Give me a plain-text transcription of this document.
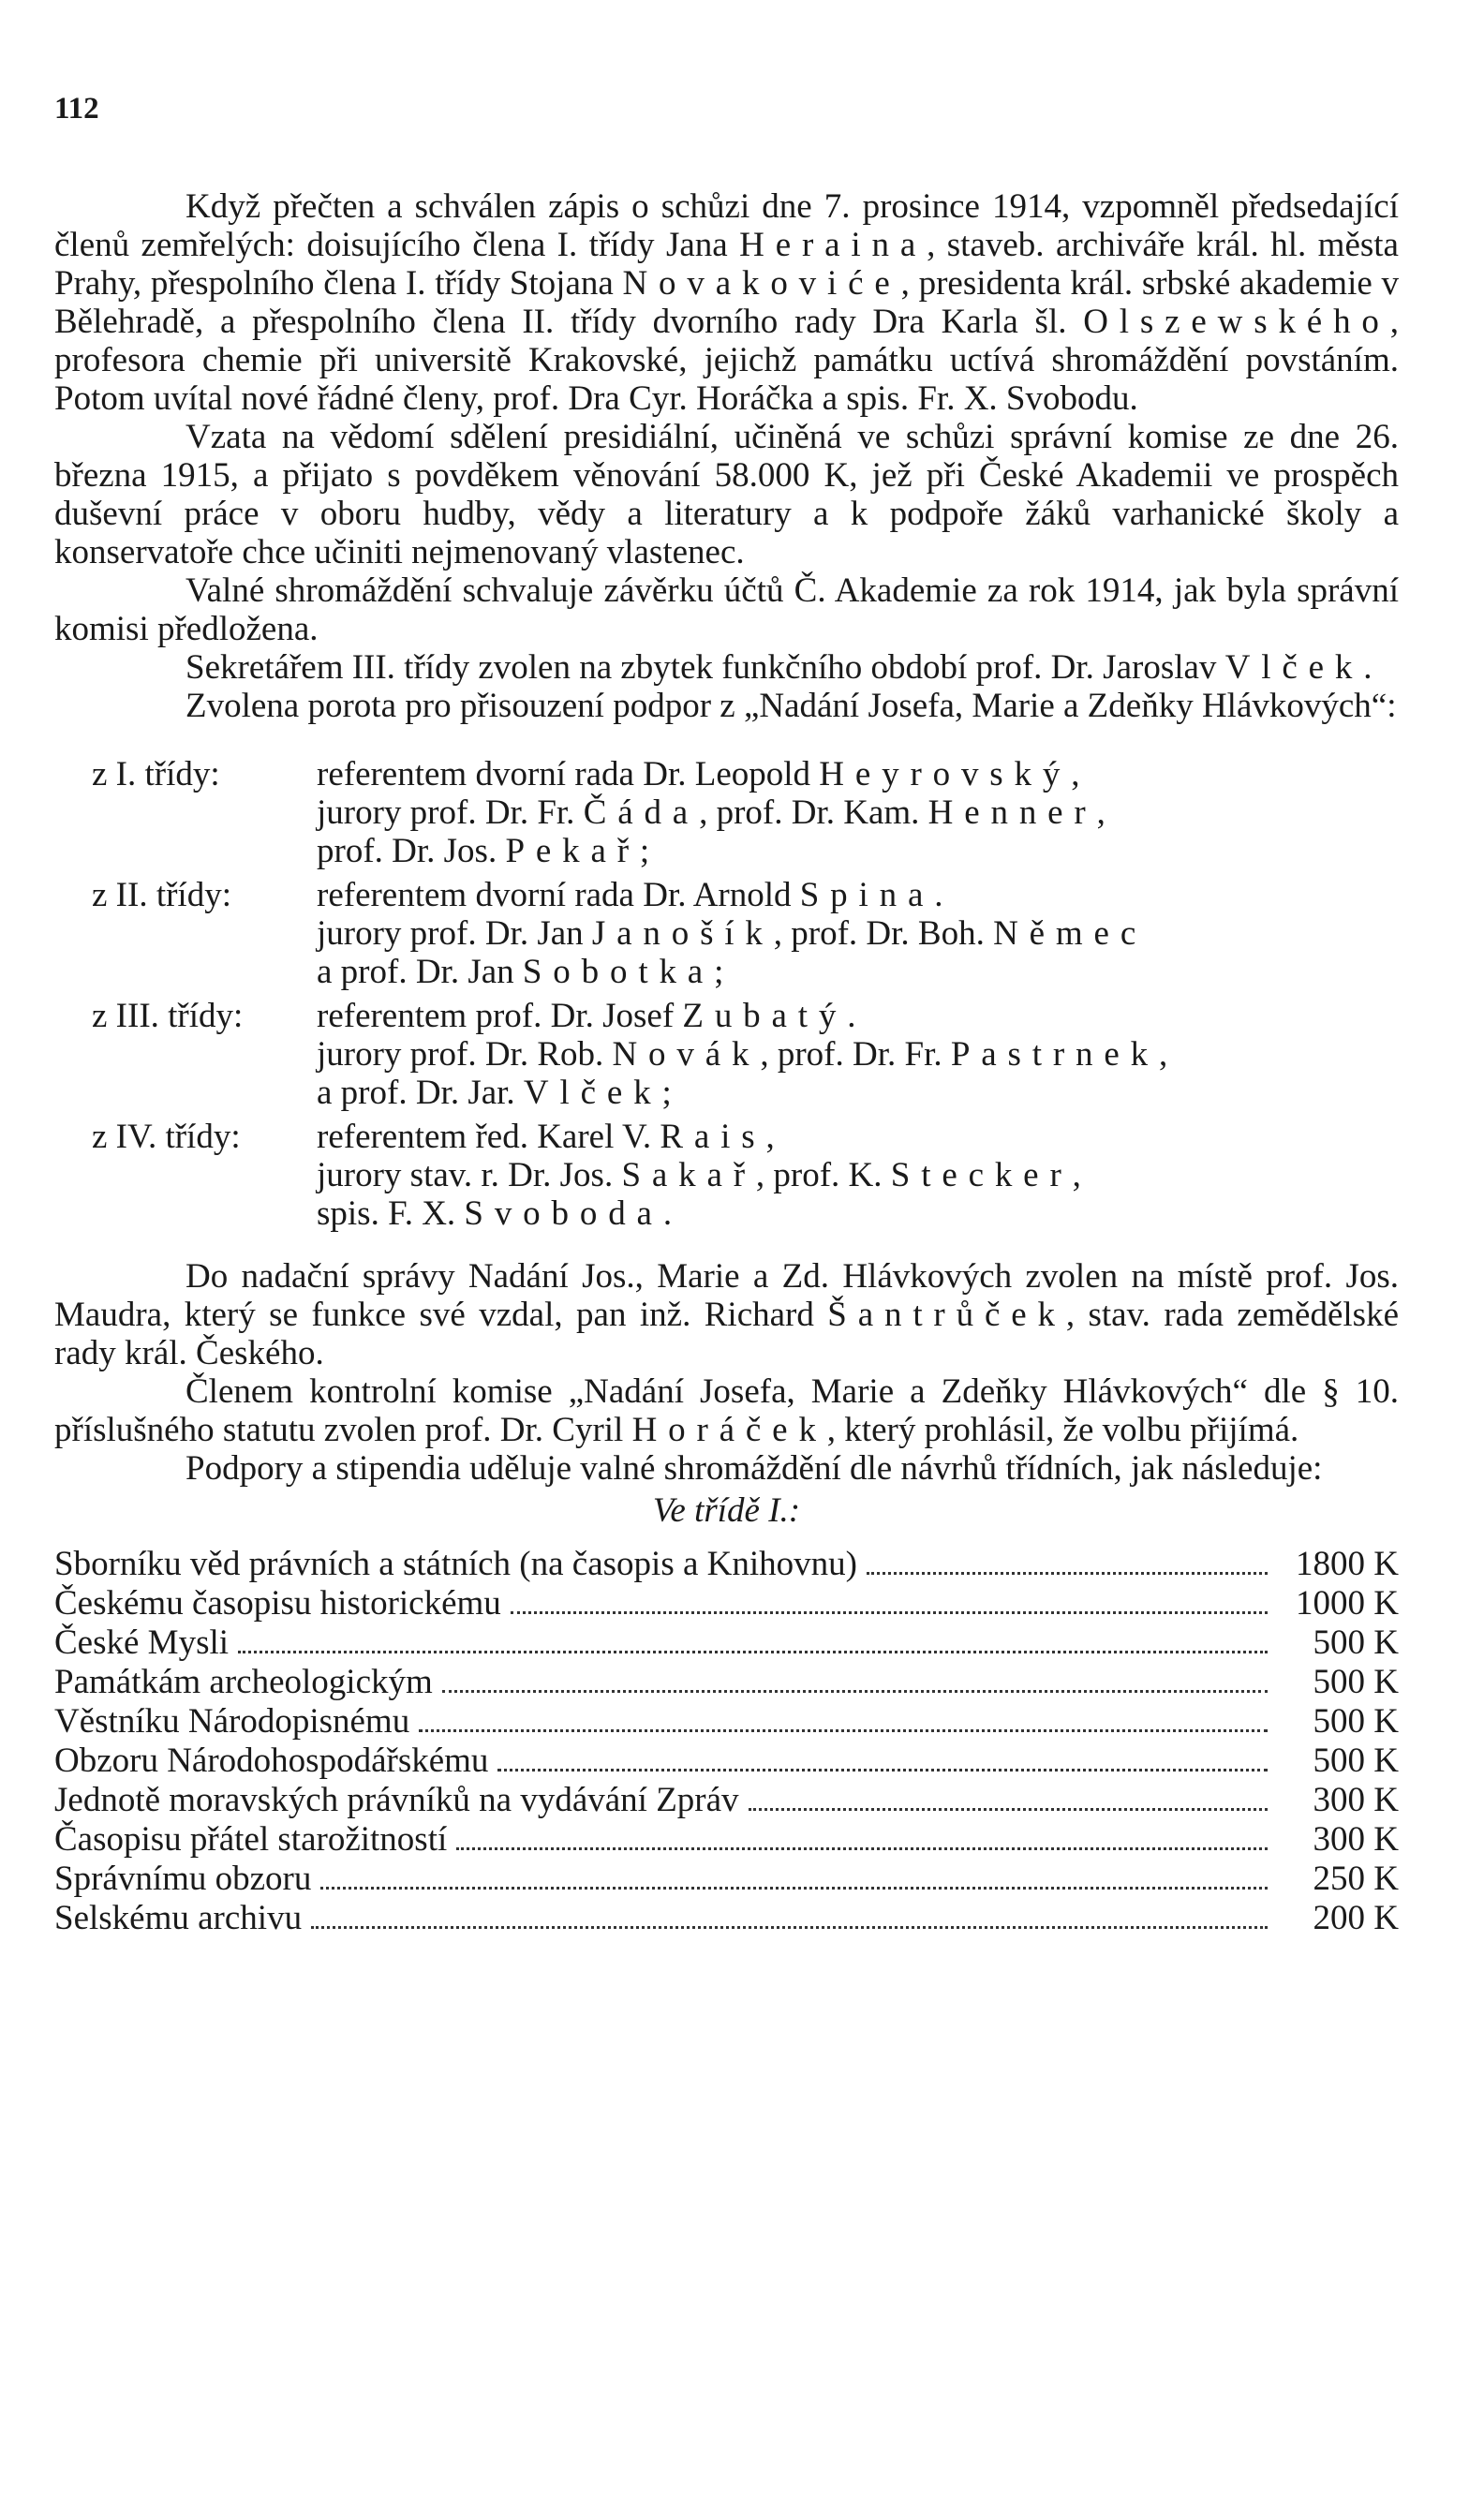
112

Když přečten a schválen zápis o schůzi dne 7. prosince 1914, vzpomněl předsedající členů zemřelých: doisujícího člena I. třídy Jana Heraina, staveb. archiváře král. hl. města Prahy, přespolního člena I. třídy Stojana Novakoviće, presidenta král. srbské akademie v Bělehradě, a přespolního člena II. třídy dvorního rady Dra Karla šl. Olszewského, profesora chemie při universitě Krakovské, jejichž památku uctívá shromáždění povstáním. Potom uvítal nové řádné členy, prof. Dra Cyr. Horáčka a spis. Fr. X. Svobodu.

Vzata na vědomí sdělení presidiální, učiněná ve schůzi správní komise ze dne 26. března 1915, a přijato s povděkem věnování 58.000 K, jež při České Akademii ve prospěch duševní práce v oboru hudby, vědy a literatury a k podpoře žáků varhanické školy a konservatoře chce učiniti nejmenovaný vlastenec.

Valné shromáždění schvaluje závěrku účtů Č. Akademie za rok 1914, jak byla správní komisi předložena.

Sekretářem III. třídy zvolen na zbytek funkčního období prof. Dr. Jaroslav Vlček.

Zvolena porota pro přisouzení podpor z „Nadání Josefa, Marie a Zdeňky Hlávkových“:

z I. třídy:	referentem dvorní rada Dr. Leopold Heyrovský,
jurory prof. Dr. Fr. Čáda, prof. Dr. Kam. Henner,
prof. Dr. Jos. Pekař;
z II. třídy:	referentem dvorní rada Dr. Arnold Spina.
jurory prof. Dr. Jan Janošík, prof. Dr. Boh. Němec
a prof. Dr. Jan Sobotka;
z III. třídy:	referentem prof. Dr. Josef Zubatý.
jurory prof. Dr. Rob. Novák, prof. Dr. Fr. Pastrnek,
a prof. Dr. Jar. Vlček;
z IV. třídy:	referentem řed. Karel V. Rais,
jurory stav. r. Dr. Jos. Sakař, prof. K. Stecker,
spis. F. X. Svoboda.

Do nadační správy Nadání Jos., Marie a Zd. Hlávkových zvolen na místě prof. Jos. Maudra, který se funkce své vzdal, pan inž. Richard Šantrůček, stav. rada zemědělské rady král. Českého.

Členem kontrolní komise „Nadání Josefa, Marie a Zdeňky Hlávkových“ dle § 10. příslušného statutu zvolen prof. Dr. Cyril Horáček, který prohlásil, že volbu přijímá.

Podpory a stipendia uděluje valné shromáždění dle návrhů třídních, jak následuje:

Ve třídě I.:
Sborníku věd právních a státních (na časopis a Knihovnu)	1800 K
Českému časopisu historickému	1000 K
České Mysli	500 K
Památkám archeologickým	500 K
Věstníku Národopisnému	500 K
Obzoru Národohospodářskému	500 K
Jednotě moravských právníků na vydávání Zpráv	300 K
Časopisu přátel starožitností	300 K
Správnímu obzoru	250 K
Selskému archivu	200 K
